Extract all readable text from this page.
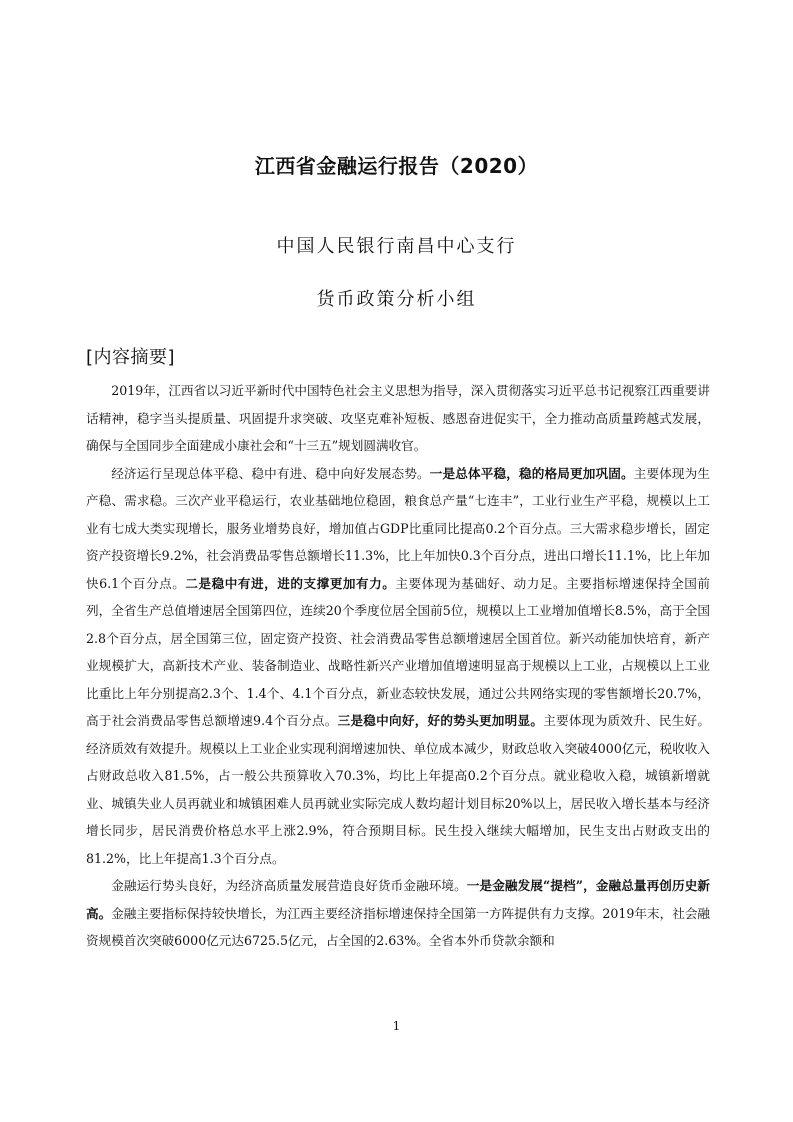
江西省金融运行报告（2020）
中国人民银行南昌中心支行
货币政策分析小组
[内容摘要]

2019年，江西省以习近平新时代中国特色社会主义思想为指导，深入贯彻落实习近平总书记视察江西重要讲话精神，稳字当头提质量、巩固提升求突破、攻坚克难补短板、感恩奋进促实干，全力推动高质量跨越式发展，确保与全国同步全面建成小康社会和“十三五”规划圆满收官。

经济运行呈现总体平稳、稳中有进、稳中向好发展态势。一是总体平稳，稳的格局更加巩固。主要体现为生产稳、需求稳。三次产业平稳运行，农业基础地位稳固，粮食总产量“七连丰”，工业行业生产平稳，规模以上工业有七成大类实现增长，服务业增势良好，增加值占GDP比重同比提高0.2个百分点。三大需求稳步增长，固定资产投资增长9.2%，社会消费品零售总额增长11.3%，比上年加快0.3个百分点，进出口增长11.1%，比上年加快6.1个百分点。二是稳中有进，进的支撑更加有力。主要体现为基础好、动力足。主要指标增速保持全国前列，全省生产总值增速居全国第四位，连续20个季度位居全国前5位，规模以上工业增加值增长8.5%，高于全国2.8个百分点，居全国第三位，固定资产投资、社会消费品零售总额增速居全国首位。新兴动能加快培育，新产业规模扩大，高新技术产业、装备制造业、战略性新兴产业增加值增速明显高于规模以上工业，占规模以上工业比重比上年分别提高2.3个、1.4个、4.1个百分点，新业态较快发展，通过公共网络实现的零售额增长20.7%，高于社会消费品零售总额增速9.4个百分点。三是稳中向好，好的势头更加明显。主要体现为质效升、民生好。经济质效有效提升。规模以上工业企业实现利润增速加快、单位成本减少，财政总收入突破4000亿元，税收收入占财政总收入81.5%，占一般公共预算收入70.3%，均比上年提高0.2个百分点。就业稳收入稳，城镇新增就业、城镇失业人员再就业和城镇困难人员再就业实际完成人数均超计划目标20%以上，居民收入增长基本与经济增长同步，居民消费价格总水平上涨2.9%，符合预期目标。民生投入继续大幅增加，民生支出占财政支出的81.2%，比上年提高1.3个百分点。

金融运行势头良好，为经济高质量发展营造良好货币金融环境。一是金融发展“提档”，金融总量再创历史新高。金融主要指标保持较快增长，为江西主要经济指标增速保持全国第一方阵提供有力支撑。2019年末，社会融资规模首次突破6000亿元达6725.5亿元，占全国的2.63%。全省本外币贷款余额和

1
